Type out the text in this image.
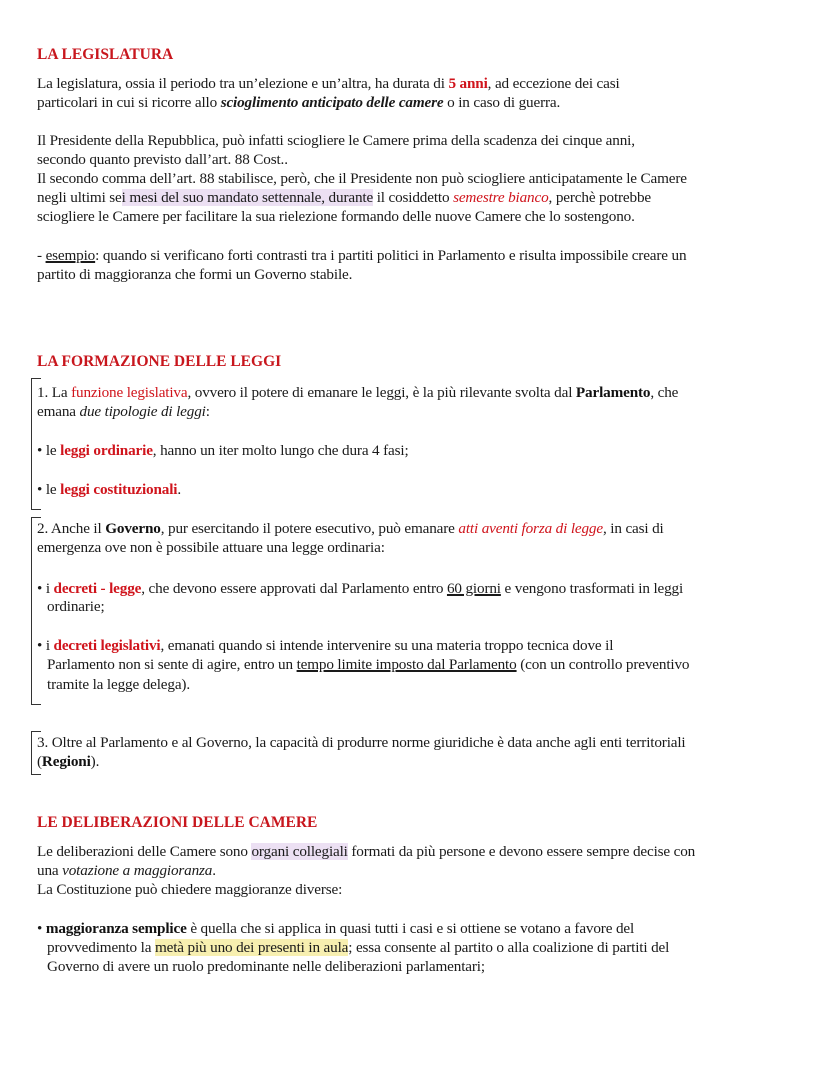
LA LEGISLATURA
La legislatura, ossia il periodo tra un’elezione e un’altra, ha durata di 5 anni, ad eccezione dei casi
particolari in cui si ricorre allo scioglimento anticipato delle camere o in caso di guerra.
Il Presidente della Repubblica, può infatti sciogliere le Camere prima della scadenza dei cinque anni,
secondo quanto previsto dall’art. 88 Cost..
Il secondo comma dell’art. 88 stabilisce, però, che il Presidente non può sciogliere anticipatamente le Camere
negli ultimi sei mesi del suo mandato settennale, durante il cosiddetto semestre bianco, perchè potrebbe
sciogliere le Camere per facilitare la sua rielezione formando delle nuove Camere che lo sostengono.
- esempio: quando si verificano forti contrasti tra i partiti politici in Parlamento e risulta impossibile creare un
partito di maggioranza che formi un Governo stabile.
LA FORMAZIONE DELLE LEGGI
1. La funzione legislativa, ovvero il potere di emanare le leggi, è la più rilevante svolta dal Parlamento, che
emana due tipologie di leggi:
• le leggi ordinarie, hanno un iter molto lungo che dura 4 fasi;
• le leggi costituzionali.
2. Anche il Governo, pur esercitando il potere esecutivo, può emanare atti aventi forza di legge, in casi di
emergenza ove non è possibile attuare una legge ordinaria:
• i decreti - legge, che devono essere approvati dal Parlamento entro 60 giorni e vengono trasformati in leggi
ordinarie;
• i decreti legislativi, emanati quando si intende intervenire su una materia troppo tecnica dove il
Parlamento non si sente di agire, entro un tempo limite imposto dal Parlamento (con un controllo preventivo
tramite la legge delega).
3. Oltre al Parlamento e al Governo, la capacità di produrre norme giuridiche è data anche agli enti territoriali
(Regioni).
LE DELIBERAZIONI DELLE CAMERE
Le deliberazioni delle Camere sono organi collegiali formati da più persone e devono essere sempre decise con
una votazione a maggioranza.
La Costituzione può chiedere maggioranze diverse:
• maggioranza semplice è quella che si applica in quasi tutti i casi e si ottiene se votano a favore del
provvedimento la metà più uno dei presenti in aula; essa consente al partito o alla coalizione di partiti del
Governo di avere un ruolo predominante nelle deliberazioni parlamentari;
